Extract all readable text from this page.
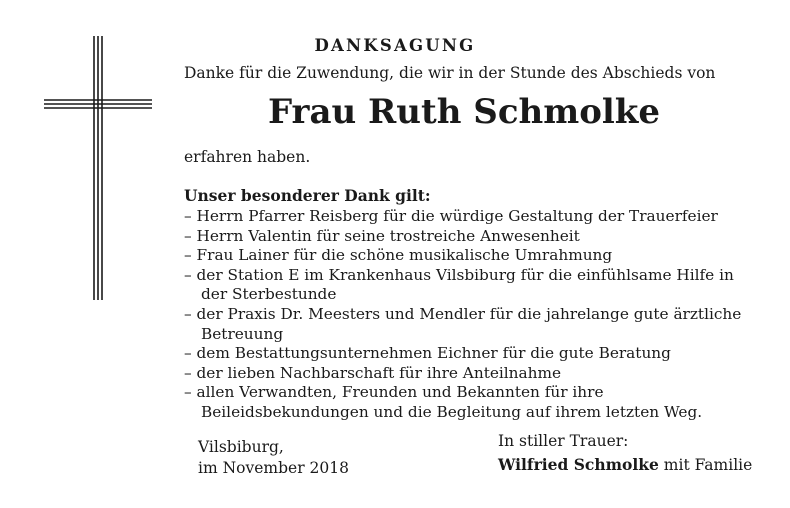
DANKSAGUNG
Danke für die Zuwendung, die wir in der Stunde des Abschieds von
Frau Ruth Schmolke
erfahren haben.
Unser besonderer Dank gilt:
– Herrn Pfarrer Reisberg für die würdige Gestaltung der Trauerfeier
– Herrn Valentin für seine trostreiche Anwesenheit
– Frau Lainer für die schöne musikalische Umrahmung
– der Station E im Krankenhaus Vilsbiburg für die einfühlsame Hilfe in der Sterbestunde
– der Praxis Dr. Meesters und Mendler für die jahrelange gute ärztliche Betreuung
– dem Bestattungsunternehmen Eichner für die gute Beratung
– der lieben Nachbarschaft für ihre Anteilnahme
– allen Verwandten, Freunden und Bekannten für ihre Beileidsbekundungen und die Begleitung auf ihrem letzten Weg.
Vilsbiburg,
im November 2018
In stiller Trauer:
Wilfried Schmolke mit Familie
